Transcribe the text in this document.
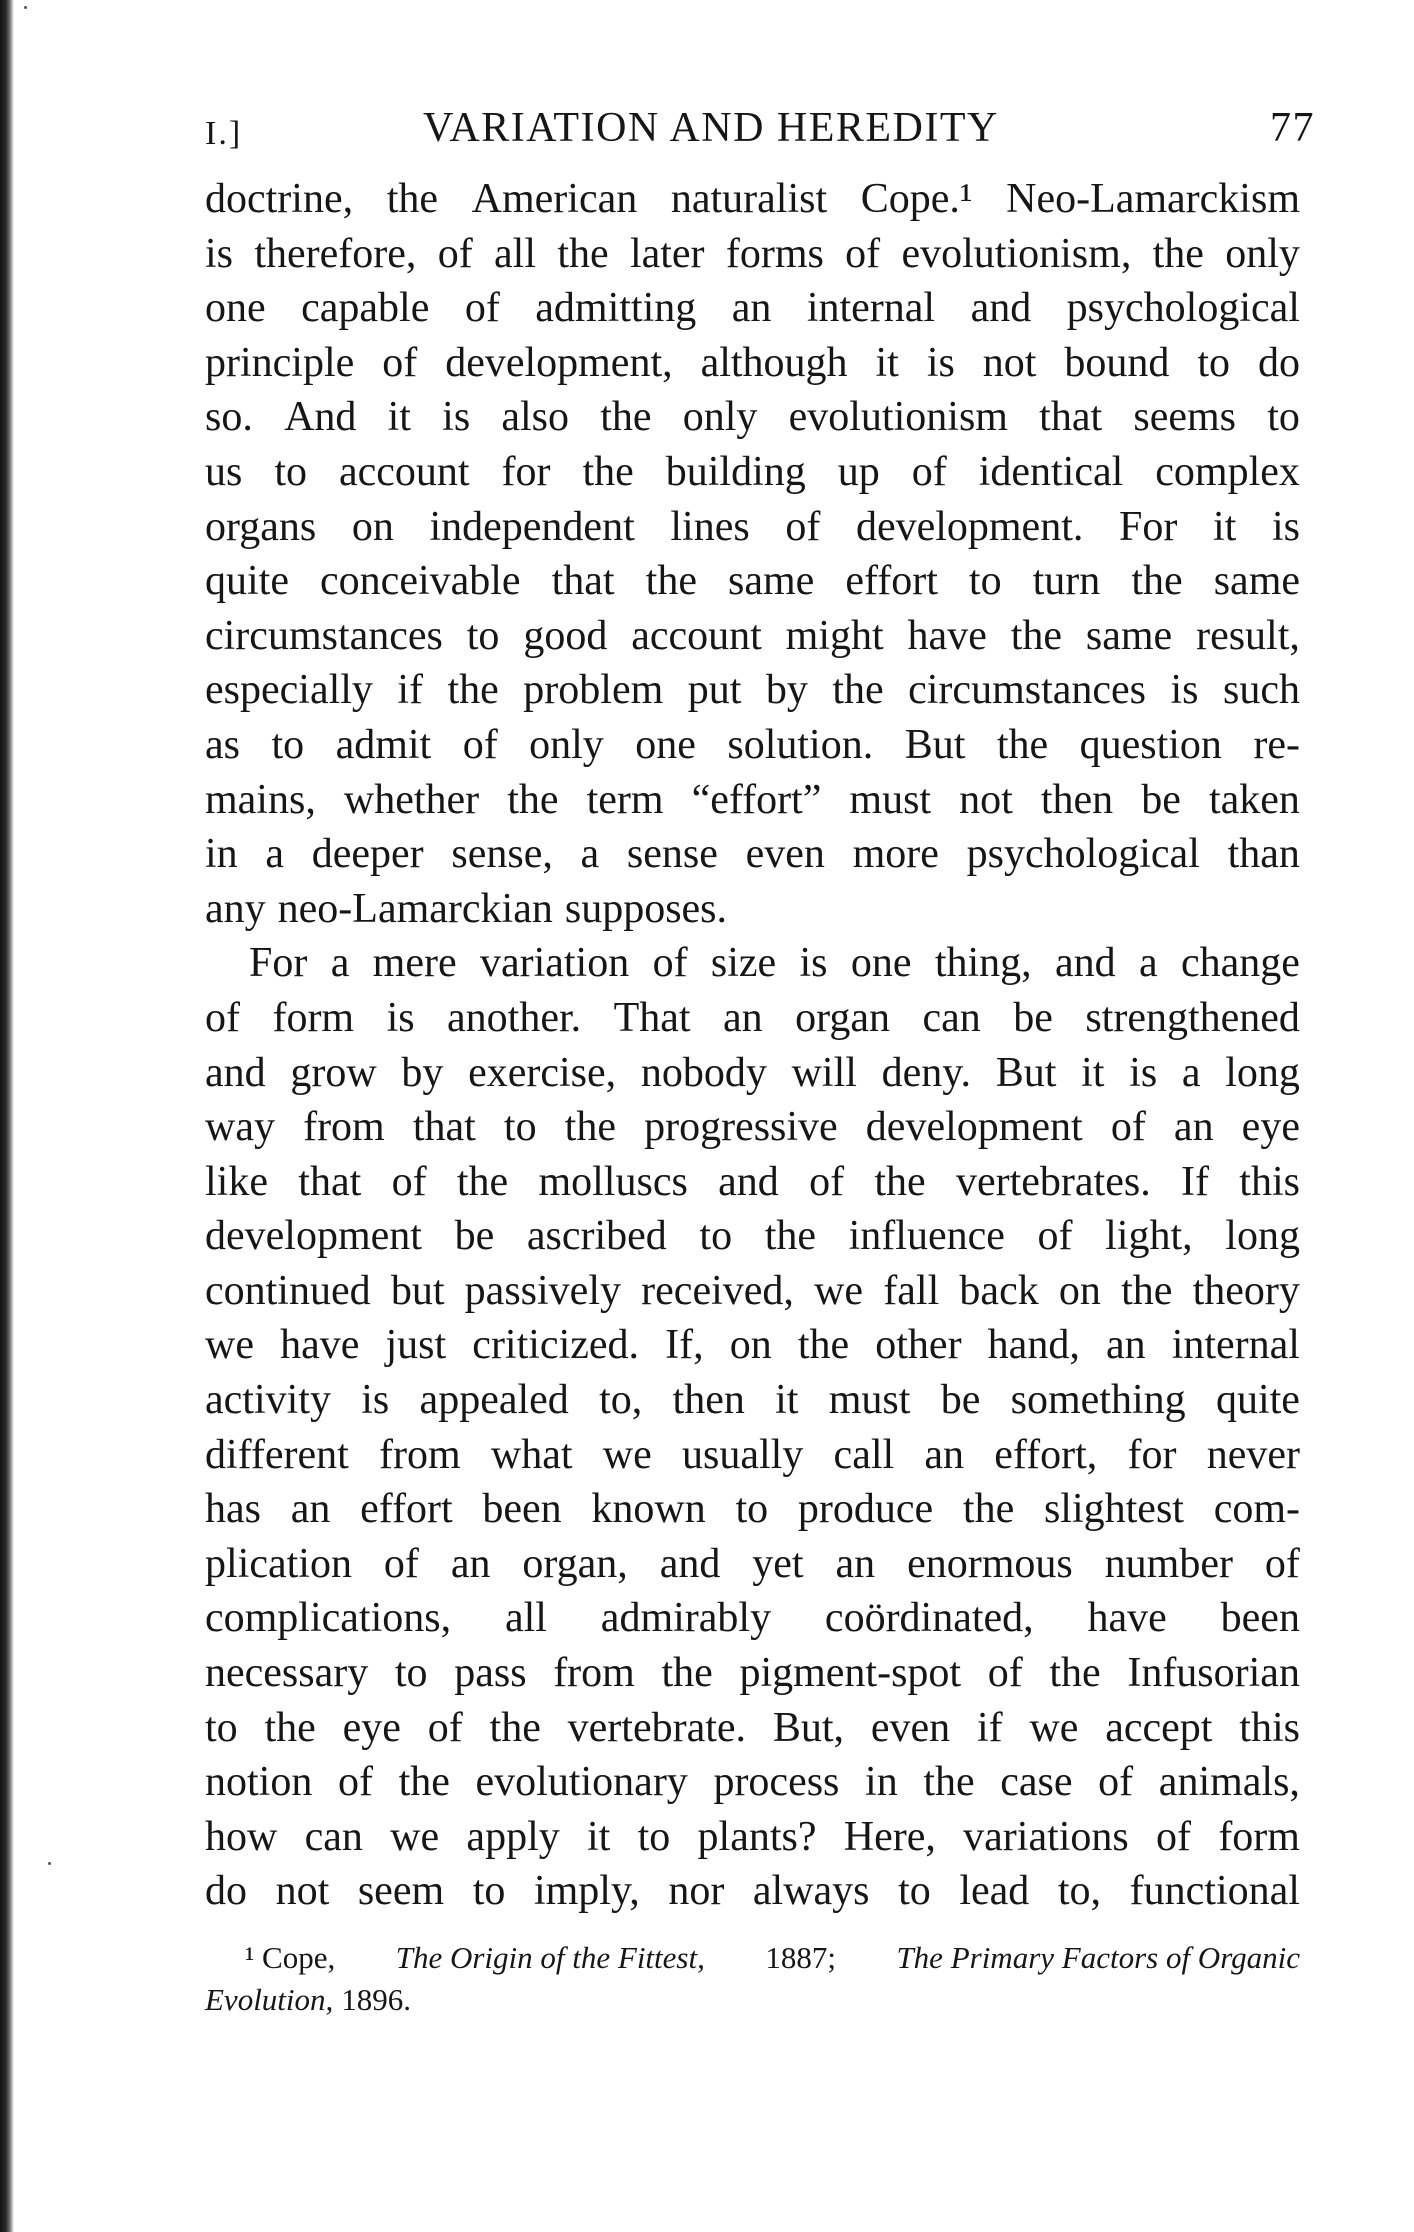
I.]	VARIATION AND HEREDITY	77
doctrine, the American naturalist Cope.¹ Neo-Lamarckism
is therefore, of all the later forms of evolutionism, the only
one capable of admitting an internal and psychological
principle of development, although it is not bound to do
so. And it is also the only evolutionism that seems to
us to account for the building up of identical complex
organs on independent lines of development. For it is
quite conceivable that the same effort to turn the same
circumstances to good account might have the same result,
especially if the problem put by the circumstances is such
as to admit of only one solution. But the question re-
mains, whether the term “effort” must not then be taken
in a deeper sense, a sense even more psychological than
any neo-Lamarckian supposes.
For a mere variation of size is one thing, and a change
of form is another. That an organ can be strengthened
and grow by exercise, nobody will deny. But it is a long
way from that to the progressive development of an eye
like that of the molluscs and of the vertebrates. If this
development be ascribed to the influence of light, long
continued but passively received, we fall back on the theory
we have just criticized. If, on the other hand, an internal
activity is appealed to, then it must be something quite
different from what we usually call an effort, for never
has an effort been known to produce the slightest com-
plication of an organ, and yet an enormous number of
complications, all admirably coördinated, have been
necessary to pass from the pigment-spot of the Infusorian
to the eye of the vertebrate. But, even if we accept this
notion of the evolutionary process in the case of animals,
how can we apply it to plants? Here, variations of form
do not seem to imply, nor always to lead to, functional
¹ Cope, The Origin of the Fittest, 1887; The Primary Factors of Organic
Evolution, 1896.
